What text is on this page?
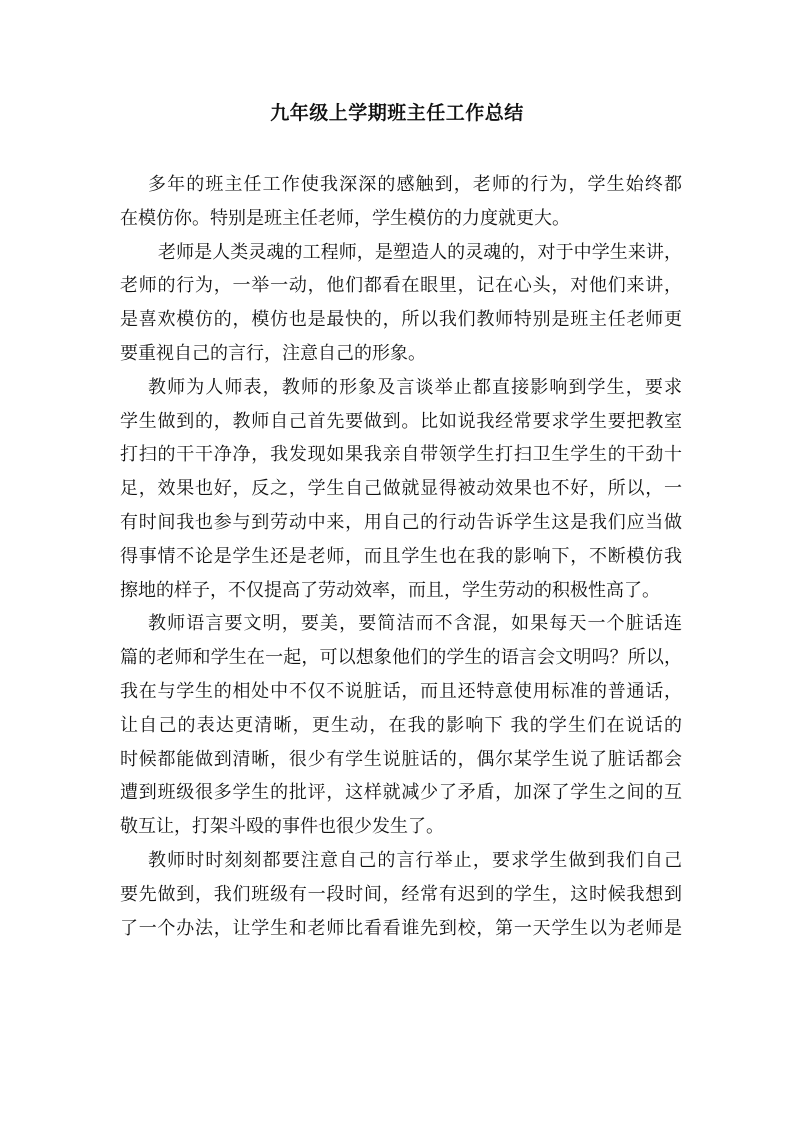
九年级上学期班主任工作总结
多年的班主任工作使我深深的感触到，老师的行为，学生始终都
在模仿你。特别是班主任老师，学生模仿的力度就更大。
老师是人类灵魂的工程师，是塑造人的灵魂的，对于中学生来讲，
老师的行为，一举一动，他们都看在眼里，记在心头，对他们来讲，
是喜欢模仿的，模仿也是最快的，所以我们教师特别是班主任老师更
要重视自己的言行，注意自己的形象。
教师为人师表，教师的形象及言谈举止都直接影响到学生，要求
学生做到的，教师自己首先要做到。比如说我经常要求学生要把教室
打扫的干干净净，我发现如果我亲自带领学生打扫卫生学生的干劲十
足，效果也好，反之，学生自己做就显得被动效果也不好，所以，一
有时间我也参与到劳动中来，用自己的行动告诉学生这是我们应当做
得事情不论是学生还是老师，而且学生也在我的影响下，不断模仿我
擦地的样子，不仅提高了劳动效率，而且，学生劳动的积极性高了。
教师语言要文明，要美，要简洁而不含混，如果每天一个脏话连
篇的老师和学生在一起，可以想象他们的学生的语言会文明吗？所以，
我在与学生的相处中不仅不说脏话，而且还特意使用标准的普通话，
让自己的表达更清晰，更生动，在我的影响下 我的学生们在说话的
时候都能做到清晰，很少有学生说脏话的，偶尔某学生说了脏话都会
遭到班级很多学生的批评，这样就减少了矛盾，加深了学生之间的互
敬互让，打架斗殴的事件也很少发生了。
教师时时刻刻都要注意自己的言行举止，要求学生做到我们自己
要先做到，我们班级有一段时间，经常有迟到的学生，这时候我想到
了一个办法，让学生和老师比看看谁先到校，第一天学生以为老师是
